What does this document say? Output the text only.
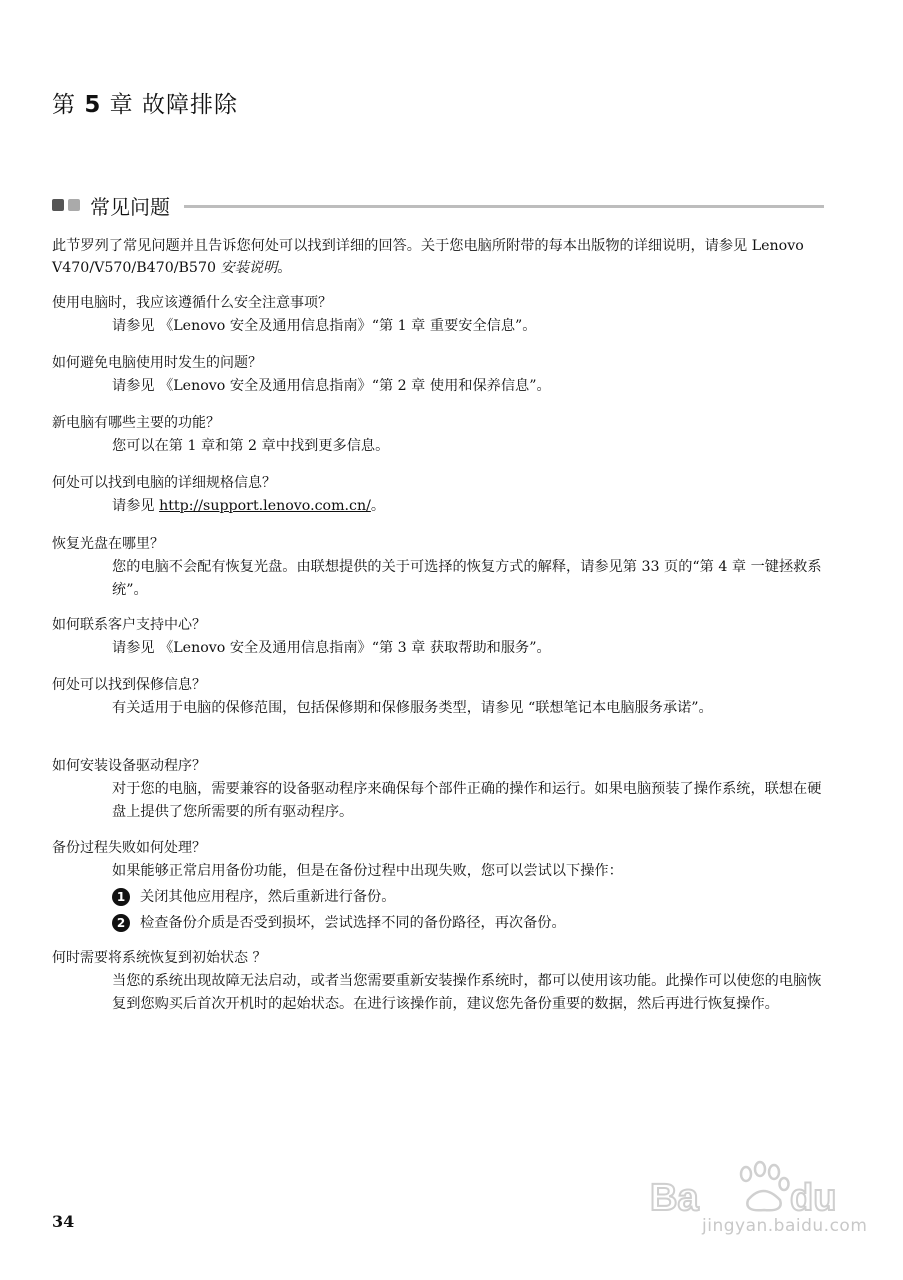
第 5 章 故障排除
常见问题

此节罗列了常见问题并且告诉您何处可以找到详细的回答。关于您电脑所附带的每本出版物的详细说明，请参见 Lenovo V470/V570/B470/B570 安装说明。

使用电脑时，我应该遵循什么安全注意事项？

请参见 《Lenovo 安全及通用信息指南》“第 1 章 重要安全信息”。

如何避免电脑使用时发生的问题？

请参见 《Lenovo 安全及通用信息指南》“第 2 章 使用和保养信息”。

新电脑有哪些主要的功能？

您可以在第 1 章和第 2 章中找到更多信息。

何处可以找到电脑的详细规格信息？

请参见 http://support.lenovo.com.cn/。

恢复光盘在哪里？

您的电脑不会配有恢复光盘。由联想提供的关于可选择的恢复方式的解释，请参见第 33 页的“第 4 章 一键拯救系统”。

如何联系客户支持中心？

请参见 《Lenovo 安全及通用信息指南》“第 3 章 获取帮助和服务”。

何处可以找到保修信息？

有关适用于电脑的保修范围，包括保修期和保修服务类型，请参见 “联想笔记本电脑服务承诺”。

如何安装设备驱动程序？

对于您的电脑，需要兼容的设备驱动程序来确保每个部件正确的操作和运行。如果电脑预装了操作系统，联想在硬盘上提供了您所需要的所有驱动程序。

备份过程失败如何处理？

如果能够正常启用备份功能，但是在备份过程中出现失败，您可以尝试以下操作：

1	关闭其他应用程序，然后重新进行备份。
2	检查备份介质是否受到损坏，尝试选择不同的备份路径，再次备份。

何时需要将系统恢复到初始状态 ？

当您的系统出现故障无法启动，或者当您需要重新安装操作系统时，都可以使用该功能。此操作可以使您的电脑恢复到您购买后首次开机时的起始状态。在进行该操作前，建议您先备份重要的数据，然后再进行恢复操作。

34
Ba du
jingyan.baidu.com
